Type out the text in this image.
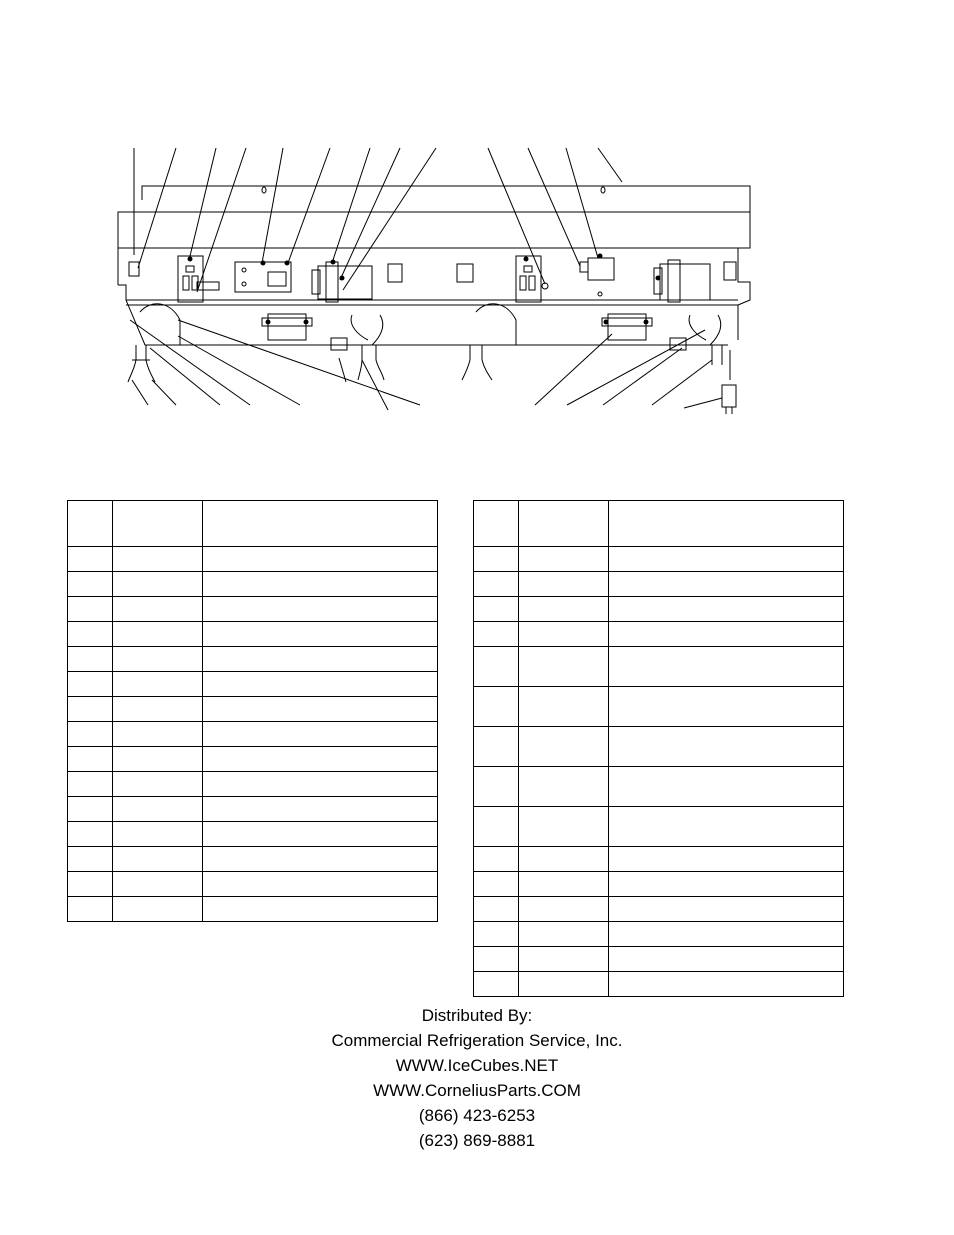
Distributed By:
Commercial Refrigeration Service, Inc.
WWW.IceCubes.NET
WWW.CorneliusParts.COM
(866) 423-6253
(623) 869-8881
